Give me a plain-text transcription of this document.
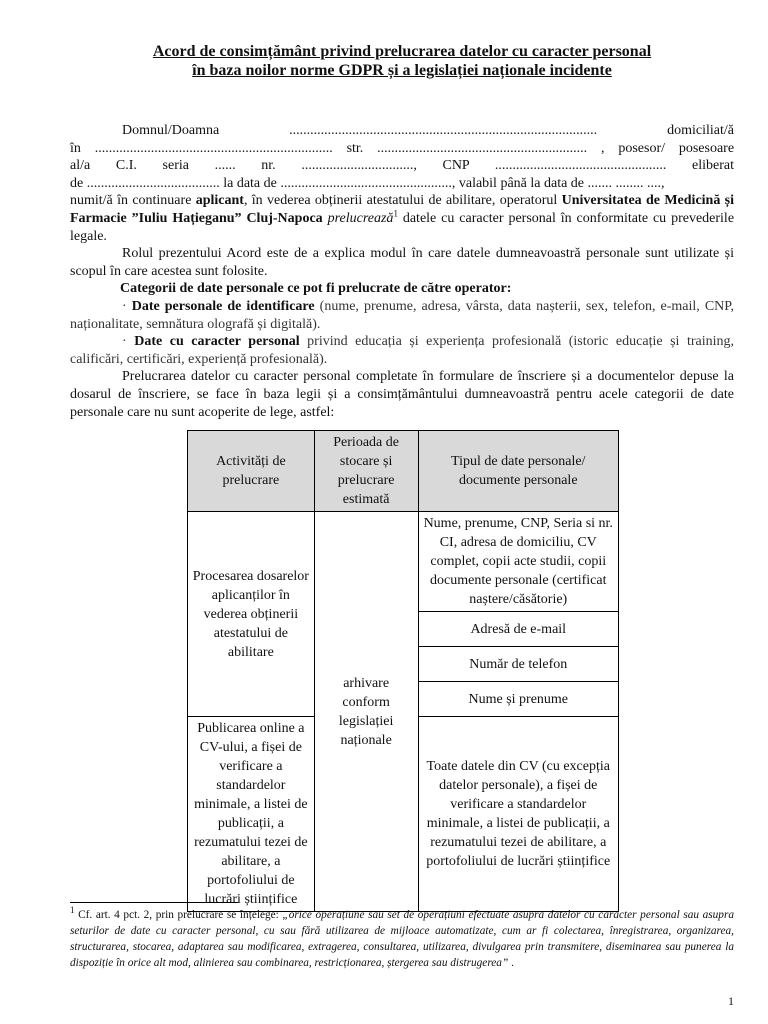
Acord de consimțământ privind prelucrarea datelor cu caracter personal
în baza noilor norme GDPR și a legislației naționale incidente

Domnul/Doamna	........................................................................................	domiciliat/ă

în .................................................................... str. ............................................................ , posesor/ posesoare

al/a C.I. seria ...... nr. ................................, CNP ................................................. eliberat

de ...................................... la data de ................................................., valabil până la data de ....... ........ ....,

numit/ă în continuare aplicant, în vederea obținerii atestatului de abilitare, operatorul Universitatea de Medicină și Farmacie ”Iuliu Hațieganu” Cluj-Napoca prelucrează$^1$ datele cu caracter personal în conformitate cu prevederile legale.

Rolul prezentului Acord este de a explica modul în care datele dumneavoastră personale sunt utilizate și scopul în care acestea sunt folosite.

Categorii de date personale ce pot fi prelucrate de către operator:

· Date personale de identificare (nume, prenume, adresa, vârsta, data nașterii, sex, telefon, e-mail, CNP, naționalitate, semnătura olografă și digitală).

· Date cu caracter personal privind educația și experiența profesională (istoric educație și training, calificări, certificări, experiență profesională).

Prelucrarea datelor cu caracter personal completate în formulare de înscriere și a documentelor depuse la dosarul de înscriere, se face în baza legii și a consimțământului dumneavoastră pentru acele categorii de date personale care nu sunt acoperite de lege, astfel:

Activități de prelucrare	Perioada de stocare și prelucrare estimată	Tipul de date personale/ documente personale
Procesarea dosarelor aplicanților în vederea obținerii atestatului de abilitare	arhivare conform legislației naționale	Nume, prenume, CNP, Seria si nr. CI, adresa de domiciliu, CV complet, copii acte studii, copii documente personale (certificat naștere/căsătorie)
		Adresă de e-mail
		Număr de telefon
		Nume și prenume
Publicarea online a CV-ului, a fișei de verificare a standardelor minimale, a listei de publicații, a rezumatului tezei de abilitare, a portofoliului de lucrări științifice		Toate datele din CV (cu excepția datelor personale), a fișei de verificare a standardelor minimale, a listei de publicații, a rezumatului tezei de abilitare, a portofoliului de lucrări științifice
$^1$ Cf. art. 4 pct. 2, prin prelucrare se înțelege: „orice operațiune sau set de operațiuni efectuate asupra datelor cu caracter personal sau asupra seturilor de date cu caracter personal, cu sau fără utilizarea de mijloace automatizate, cum ar fi colectarea, înregistrarea, organizarea, structurarea, stocarea, adaptarea sau modificarea, extragerea, consultarea, utilizarea, divulgarea prin transmitere, diseminarea sau punerea la dispoziție în orice alt mod, alinierea sau combinarea, restricționarea, ștergerea sau distrugerea” .
1
